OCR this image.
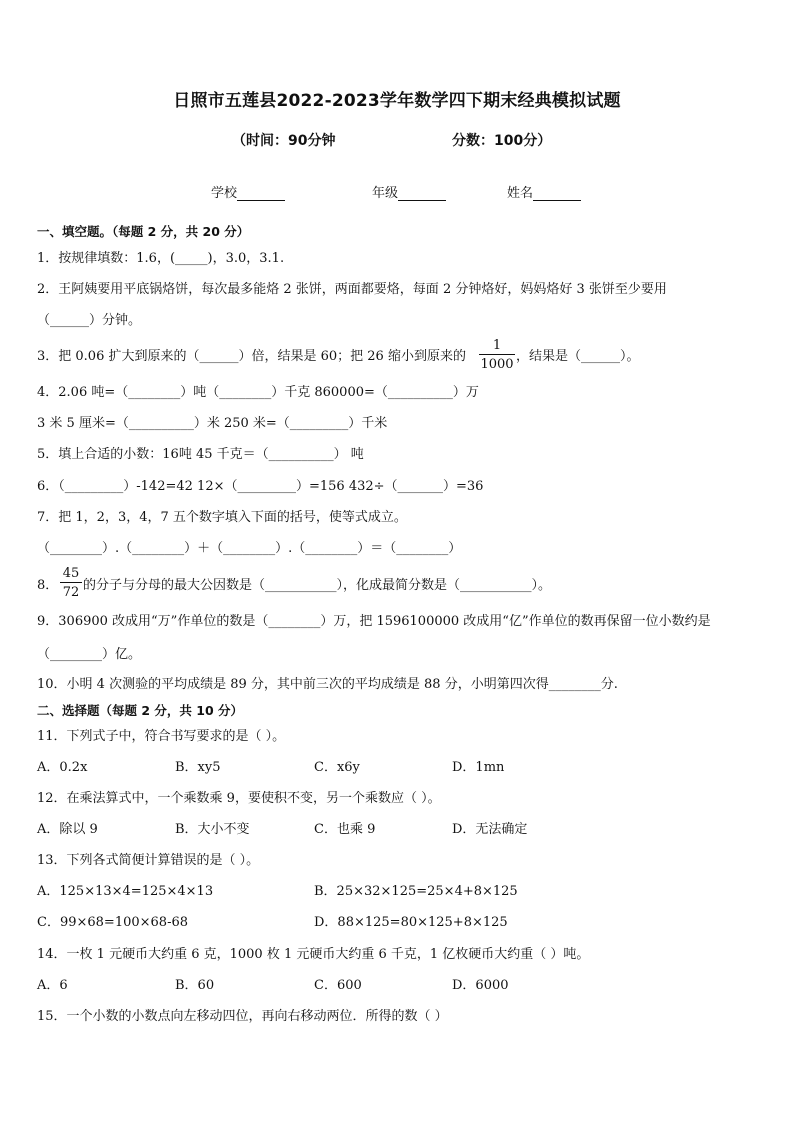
日照市五莲县2022-2023学年数学四下期末经典模拟试题
（时间：90分钟	分数：100分）
学校	年级	姓名
一、填空题。（每题 2 分，共 20 分）
1．按规律填数：1.6，(_____)，3.0，3.1.
2．王阿姨要用平底锅烙饼，每次最多能烙 2 张饼，两面都要烙，每面 2 分钟烙好，妈妈烙好 3 张饼至少要用
（______）分钟。
3．把 0.06 扩大到原来的（______）倍，结果是 60；把 26 缩小到原来的 $\frac{1}{1000}$ ，结果是（______）。
4．2.06 吨=（________）吨（________）千克 860000=（__________）万
3 米 5 厘米=（__________）米 250 米=（_________）千米
5．填上合适的小数：16吨 45 千克＝（__________） 吨
6．（_________）-142=42 12×（_________）=156 432÷（_______）=36
7．把 1，2，3，4，7 五个数字填入下面的括号，使等式成立。
（________）.（________）＋（________）.（________）＝（________）
8． $\frac{45}{72}$ 的分子与分母的最大公因数是（___________），化成最简分数是（___________）。
9．306900 改成用“万”作单位的数是（________）万，把 1596100000 改成用“亿”作单位的数再保留一位小数约是
（________）亿。
10．小明 4 次测验的平均成绩是 89 分，其中前三次的平均成绩是 88 分，小明第四次得________分.
二、选择题（每题 2 分，共 10 分）
11．下列式子中，符合书写要求的是（ ）。
A．0.2x	B．xy5	C．x6y	D．1mn
12．在乘法算式中，一个乘数乘 9，要使积不变，另一个乘数应（ ）。
A．除以 9	B．大小不变	C．也乘 9	D．无法确定
13．下列各式简便计算错误的是（ ）。
A．125×13×4=125×4×13	B．25×32×125=25×4+8×125
C．99×68=100×68-68	D．88×125=80×125+8×125
14．一枚 1 元硬币大约重 6 克，1000 枚 1 元硬币大约重 6 千克，1 亿枚硬币大约重（ ）吨。
A．6	B．60	C．600	D．6000
15．一个小数的小数点向左移动四位，再向右移动两位．所得的数（ ）
